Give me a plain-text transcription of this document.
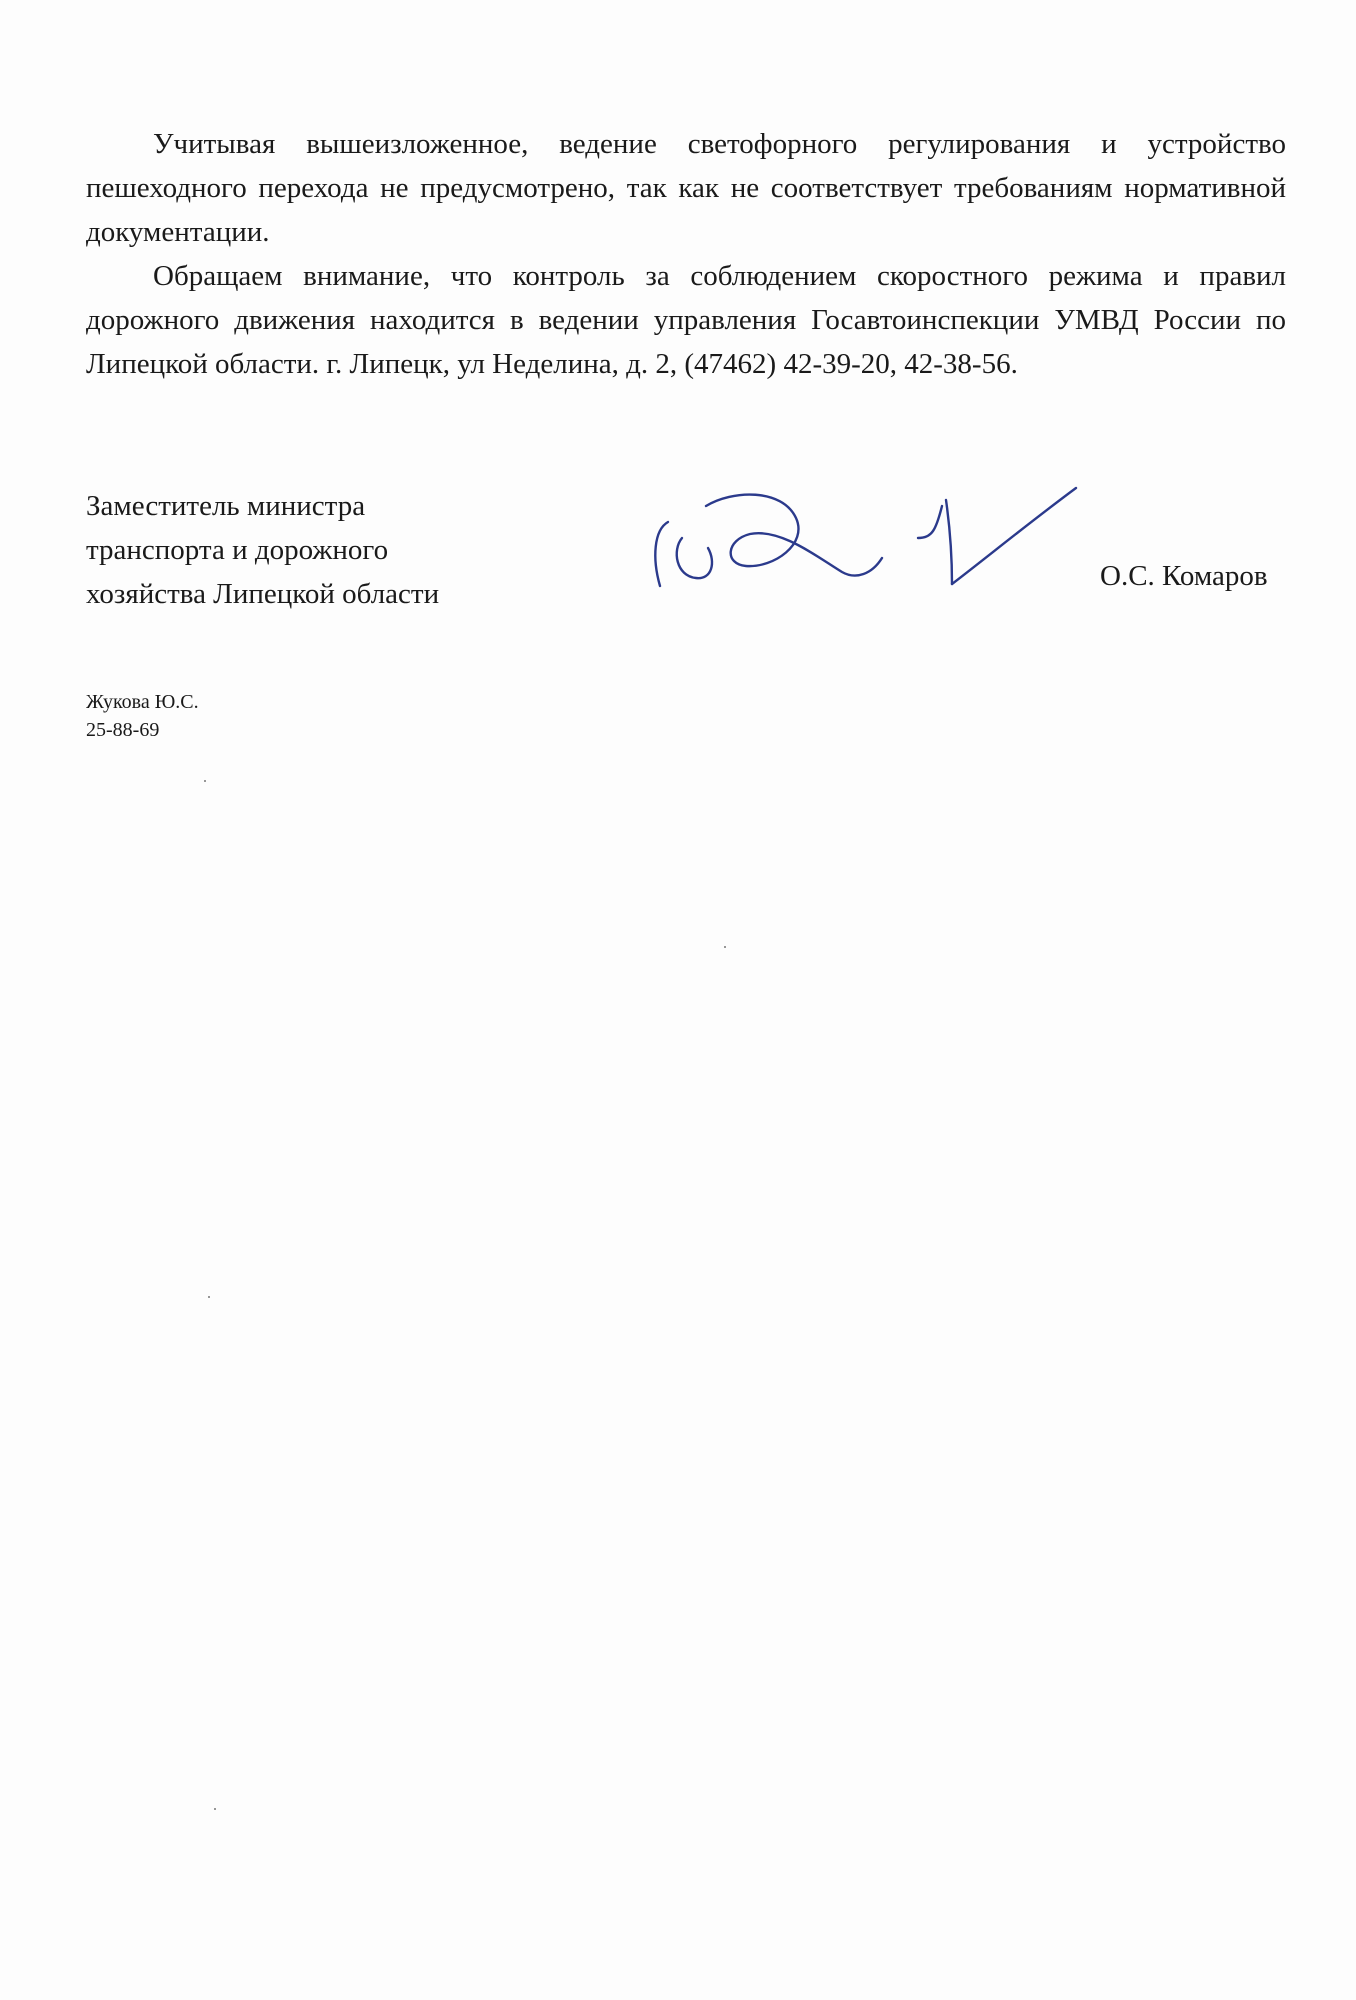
Учитывая вышеизложенное, ведение светофорного регулирования и устройство пешеходного перехода не предусмотрено, так как не соответствует требованиям нормативной документации.

Обращаем внимание, что контроль за соблюдением скоростного режима и правил дорожного движения находится в ведении управления Госавтоинспекции УМВД России по Липецкой области. г. Липецк, ул Неделина, д. 2, (47462) 42-39-20, 42-38-56.

Заместитель министра
транспорта и дорожного
хозяйства Липецкой области
О.С. Комаров
Жукова Ю.С.
25-88-69
